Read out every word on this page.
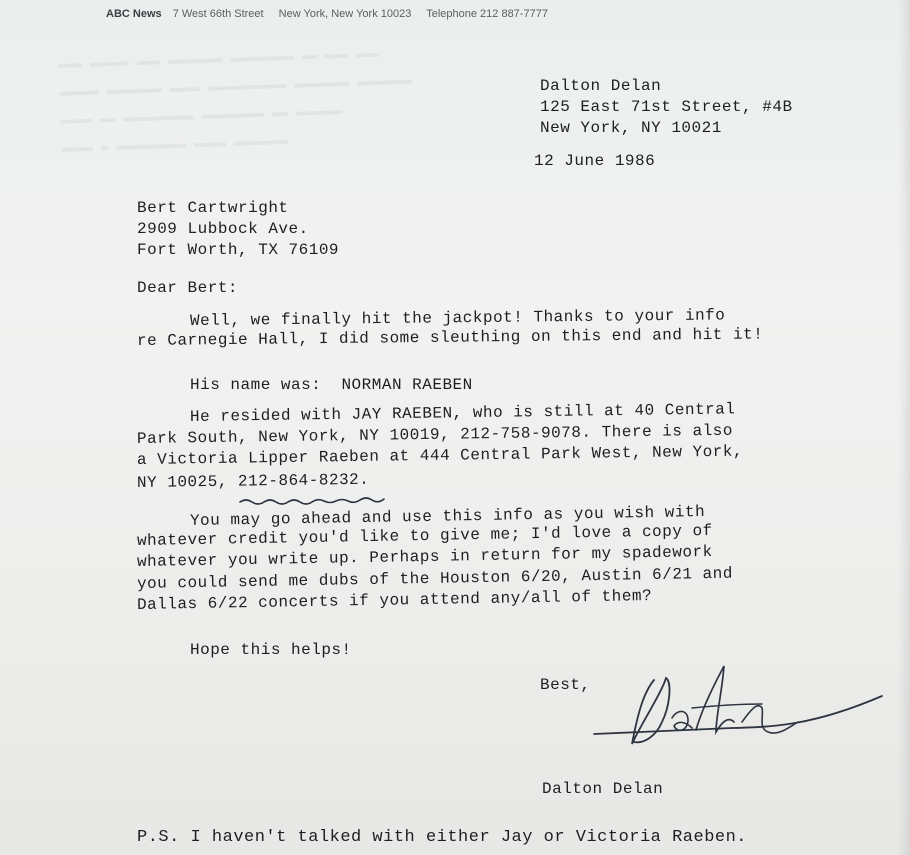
▬▬▬ ▬▬▬▬▬ ▬▬▬ ▬▬▬▬▬▬▬ ▬▬▬▬▬▬▬▬ ▬▬ ▬▬▬ ▬▬▬
▬▬▬▬▬ ▬▬▬▬▬▬▬ ▬▬▬▬ ▬▬▬▬▬▬▬▬▬▬ ▬▬▬▬▬▬▬ ▬▬▬▬▬▬▬
▬▬▬▬ ▬▬ ▬▬▬▬▬▬▬▬▬ ▬▬▬▬▬▬▬▬ ▬▬ ▬▬▬▬▬▬
▬▬▬▬ ▬ ▬▬▬▬▬▬▬▬▬ ▬▬▬▬ ▬▬▬▬▬▬▬
ABC News 7 West 66th Street New York, New York 10023 Telephone 212 887-7777
Dalton Delan
125 East 71st Street, #4B
New York, NY 10021
12 June 1986
Bert Cartwright
2909 Lubbock Ave.
Fort Worth, TX 76109
Dear Bert:
Well, we finally hit the jackpot! Thanks to your info
re Carnegie Hall, I did some sleuthing on this end and hit it!
His name was: NORMAN RAEBEN
He resided with JAY RAEBEN, who is still at 40 Central
Park South, New York, NY 10019, 212-758-9078. There is also
a Victoria Lipper Raeben at 444 Central Park West, New York,
NY 10025, 212-864-8232.
You may go ahead and use this info as you wish with
whatever credit you'd like to give me; I'd love a copy of
whatever you write up. Perhaps in return for my spadework
you could send me dubs of the Houston 6/20, Austin 6/21 and
Dallas 6/22 concerts if you attend any/all of them?
Hope this helps!
Best,
Dalton Delan
P.S. I haven't talked with either Jay or Victoria Raeben.
